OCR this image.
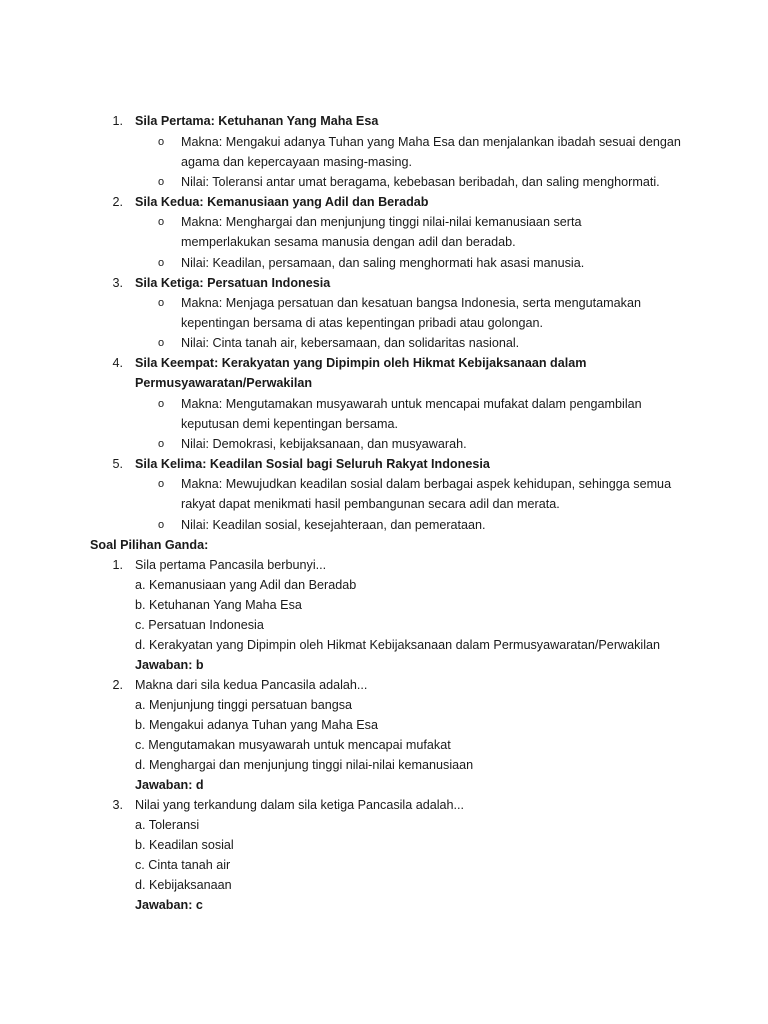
1. Sila Pertama: Ketuhanan Yang Maha Esa
o Makna: Mengakui adanya Tuhan yang Maha Esa dan menjalankan ibadah sesuai dengan
agama dan kepercayaan masing-masing.
o Nilai: Toleransi antar umat beragama, kebebasan beribadah, dan saling menghormati.
2. Sila Kedua: Kemanusiaan yang Adil dan Beradab
o Makna: Menghargai dan menjunjung tinggi nilai-nilai kemanusiaan serta
memperlakukan sesama manusia dengan adil dan beradab.
o Nilai: Keadilan, persamaan, dan saling menghormati hak asasi manusia.
3. Sila Ketiga: Persatuan Indonesia
o Makna: Menjaga persatuan dan kesatuan bangsa Indonesia, serta mengutamakan
kepentingan bersama di atas kepentingan pribadi atau golongan.
o Nilai: Cinta tanah air, kebersamaan, dan solidaritas nasional.
4. Sila Keempat: Kerakyatan yang Dipimpin oleh Hikmat Kebijaksanaan dalam
Permusyawaratan/Perwakilan
o Makna: Mengutamakan musyawarah untuk mencapai mufakat dalam pengambilan
keputusan demi kepentingan bersama.
o Nilai: Demokrasi, kebijaksanaan, dan musyawarah.
5. Sila Kelima: Keadilan Sosial bagi Seluruh Rakyat Indonesia
o Makna: Mewujudkan keadilan sosial dalam berbagai aspek kehidupan, sehingga semua
rakyat dapat menikmati hasil pembangunan secara adil dan merata.
o Nilai: Keadilan sosial, kesejahteraan, dan pemerataan.
Soal Pilihan Ganda:
1. Sila pertama Pancasila berbunyi...
a. Kemanusiaan yang Adil dan Beradab
b. Ketuhanan Yang Maha Esa
c. Persatuan Indonesia
d. Kerakyatan yang Dipimpin oleh Hikmat Kebijaksanaan dalam Permusyawaratan/Perwakilan
Jawaban: b
2. Makna dari sila kedua Pancasila adalah...
a. Menjunjung tinggi persatuan bangsa
b. Mengakui adanya Tuhan yang Maha Esa
c. Mengutamakan musyawarah untuk mencapai mufakat
d. Menghargai dan menjunjung tinggi nilai-nilai kemanusiaan
Jawaban: d
3. Nilai yang terkandung dalam sila ketiga Pancasila adalah...
a. Toleransi
b. Keadilan sosial
c. Cinta tanah air
d. Kebijaksanaan
Jawaban: c
